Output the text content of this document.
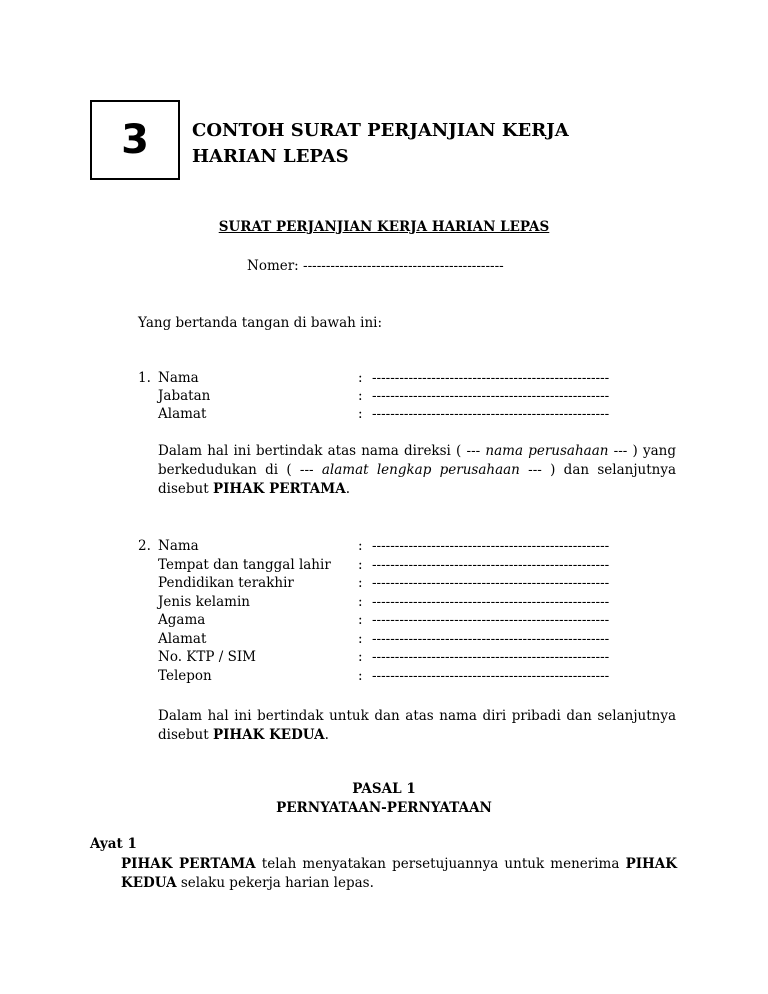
3 CONTOH SURAT PERJANJIAN KERJA
HARIAN LEPAS
SURAT PERJANJIAN KERJA HARIAN LEPAS
Nomer: --------------------------------------------
Yang bertanda tangan di bawah ini:
1. Nama
Jabatan
Alamat
:
:
:
----------------------------------------------------
----------------------------------------------------
----------------------------------------------------
Dalam hal ini bertindak atas nama direksi ( --- nama perusahaan --- ) yang berkedudukan di ( --- alamat lengkap perusahaan --- ) dan selanjutnya disebut PIHAK PERTAMA.
2. Nama
Tempat dan tanggal lahir
Pendidikan terakhir
Jenis kelamin
Agama
Alamat
No. KTP / SIM
Telepon
:
:
:
:
:
:
:
:
----------------------------------------------------
----------------------------------------------------
----------------------------------------------------
----------------------------------------------------
----------------------------------------------------
----------------------------------------------------
----------------------------------------------------
----------------------------------------------------
Dalam hal ini bertindak untuk dan atas nama diri pribadi dan selanjutnya disebut PIHAK KEDUA.
PASAL 1
PERNYATAAN-PERNYATAAN
Ayat 1
PIHAK PERTAMA telah menyatakan persetujuannya untuk menerima PIHAK KEDUA selaku pekerja harian lepas.
